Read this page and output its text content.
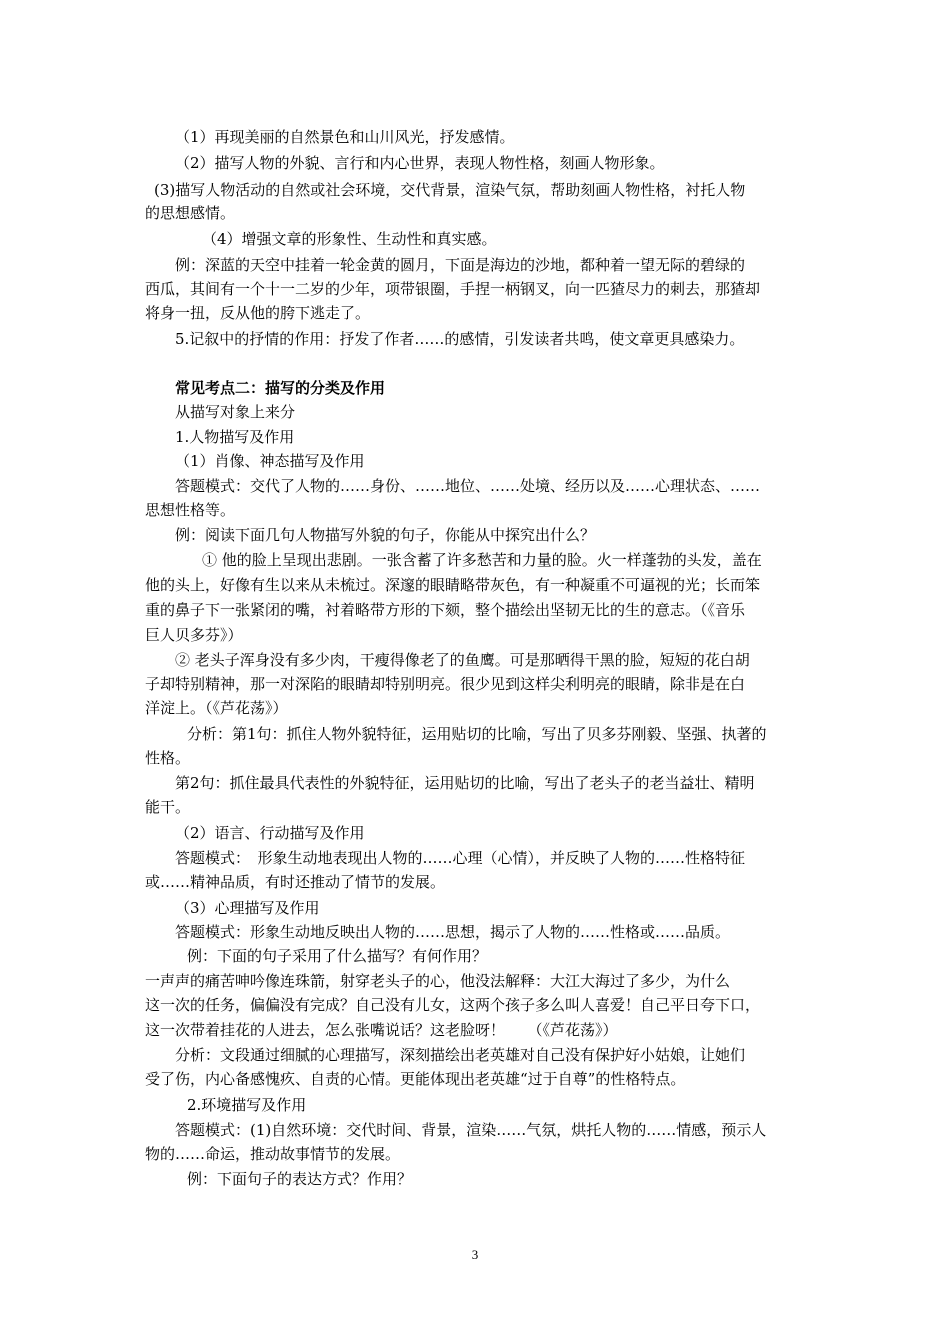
（1）再现美丽的自然景色和山川风光，抒发感情。

（2）描写人物的外貌、言行和内心世界，表现人物性格，刻画人物形象。

(3)描写人物活动的自然或社会环境，交代背景，渲染气氛，帮助刻画人物性格，衬托人物

的思想感情。

（4）增强文章的形象性、生动性和真实感。

例：深蓝的天空中挂着一轮金黄的圆月，下面是海边的沙地，都种着一望无际的碧绿的

西瓜，其间有一个十一二岁的少年，项带银圈，手捏一柄钢叉，向一匹猹尽力的刺去，那猹却

将身一扭，反从他的胯下逃走了。

5.记叙中的抒情的作用：抒发了作者……的感情，引发读者共鸣，使文章更具感染力。

常见考点二：描写的分类及作用

从描写对象上来分

1.人物描写及作用

（1）肖像、神态描写及作用

答题模式：交代了人物的……身份、……地位、……处境、经历以及……心理状态、……

思想性格等。

例：阅读下面几句人物描写外貌的句子，你能从中探究出什么？

① 他的脸上呈现出悲剧。一张含蓄了许多愁苦和力量的脸。火一样蓬勃的头发，盖在

他的头上，好像有生以来从未梳过。深邃的眼睛略带灰色，有一种凝重不可逼视的光；长而笨

重的鼻子下一张紧闭的嘴，衬着略带方形的下颏，整个描绘出坚韧无比的生的意志。（《音乐

巨人贝多芬》）

② 老头子浑身没有多少肉，干瘦得像老了的鱼鹰。可是那晒得干黑的脸，短短的花白胡

子却特别精神，那一对深陷的眼睛却特别明亮。很少见到这样尖利明亮的眼睛，除非是在白

洋淀上。（《芦花荡》）

分析：第1句：抓住人物外貌特征，运用贴切的比喻，写出了贝多芬刚毅、坚强、执著的

性格。

第2句：抓住最具代表性的外貌特征，运用贴切的比喻，写出了老头子的老当益壮、精明

能干。

（2）语言、行动描写及作用

答题模式：　形象生动地表现出人物的……心理（心情），并反映了人物的……性格特征

或……精神品质，有时还推动了情节的发展。

（3）心理描写及作用

答题模式：形象生动地反映出人物的……思想，揭示了人物的……性格或……品质。

例：下面的句子采用了什么描写？有何作用？

一声声的痛苦呻吟像连珠箭，射穿老头子的心，他没法解释：大江大海过了多少，为什么

这一次的任务，偏偏没有完成？自己没有儿女，这两个孩子多么叫人喜爱！自己平日夸下口，

这一次带着挂花的人进去，怎么张嘴说话？这老脸呀！　　（《芦花荡》）

分析：文段通过细腻的心理描写，深刻描绘出老英雄对自己没有保护好小姑娘，让她们

受了伤，内心备感愧疚、自责的心情。更能体现出老英雄“过于自尊”的性格特点。

2.环境描写及作用

答题模式：(1)自然环境：交代时间、背景，渲染……气氛，烘托人物的……情感，预示人

物的……命运，推动故事情节的发展。

例：下面句子的表达方式？作用？

3
